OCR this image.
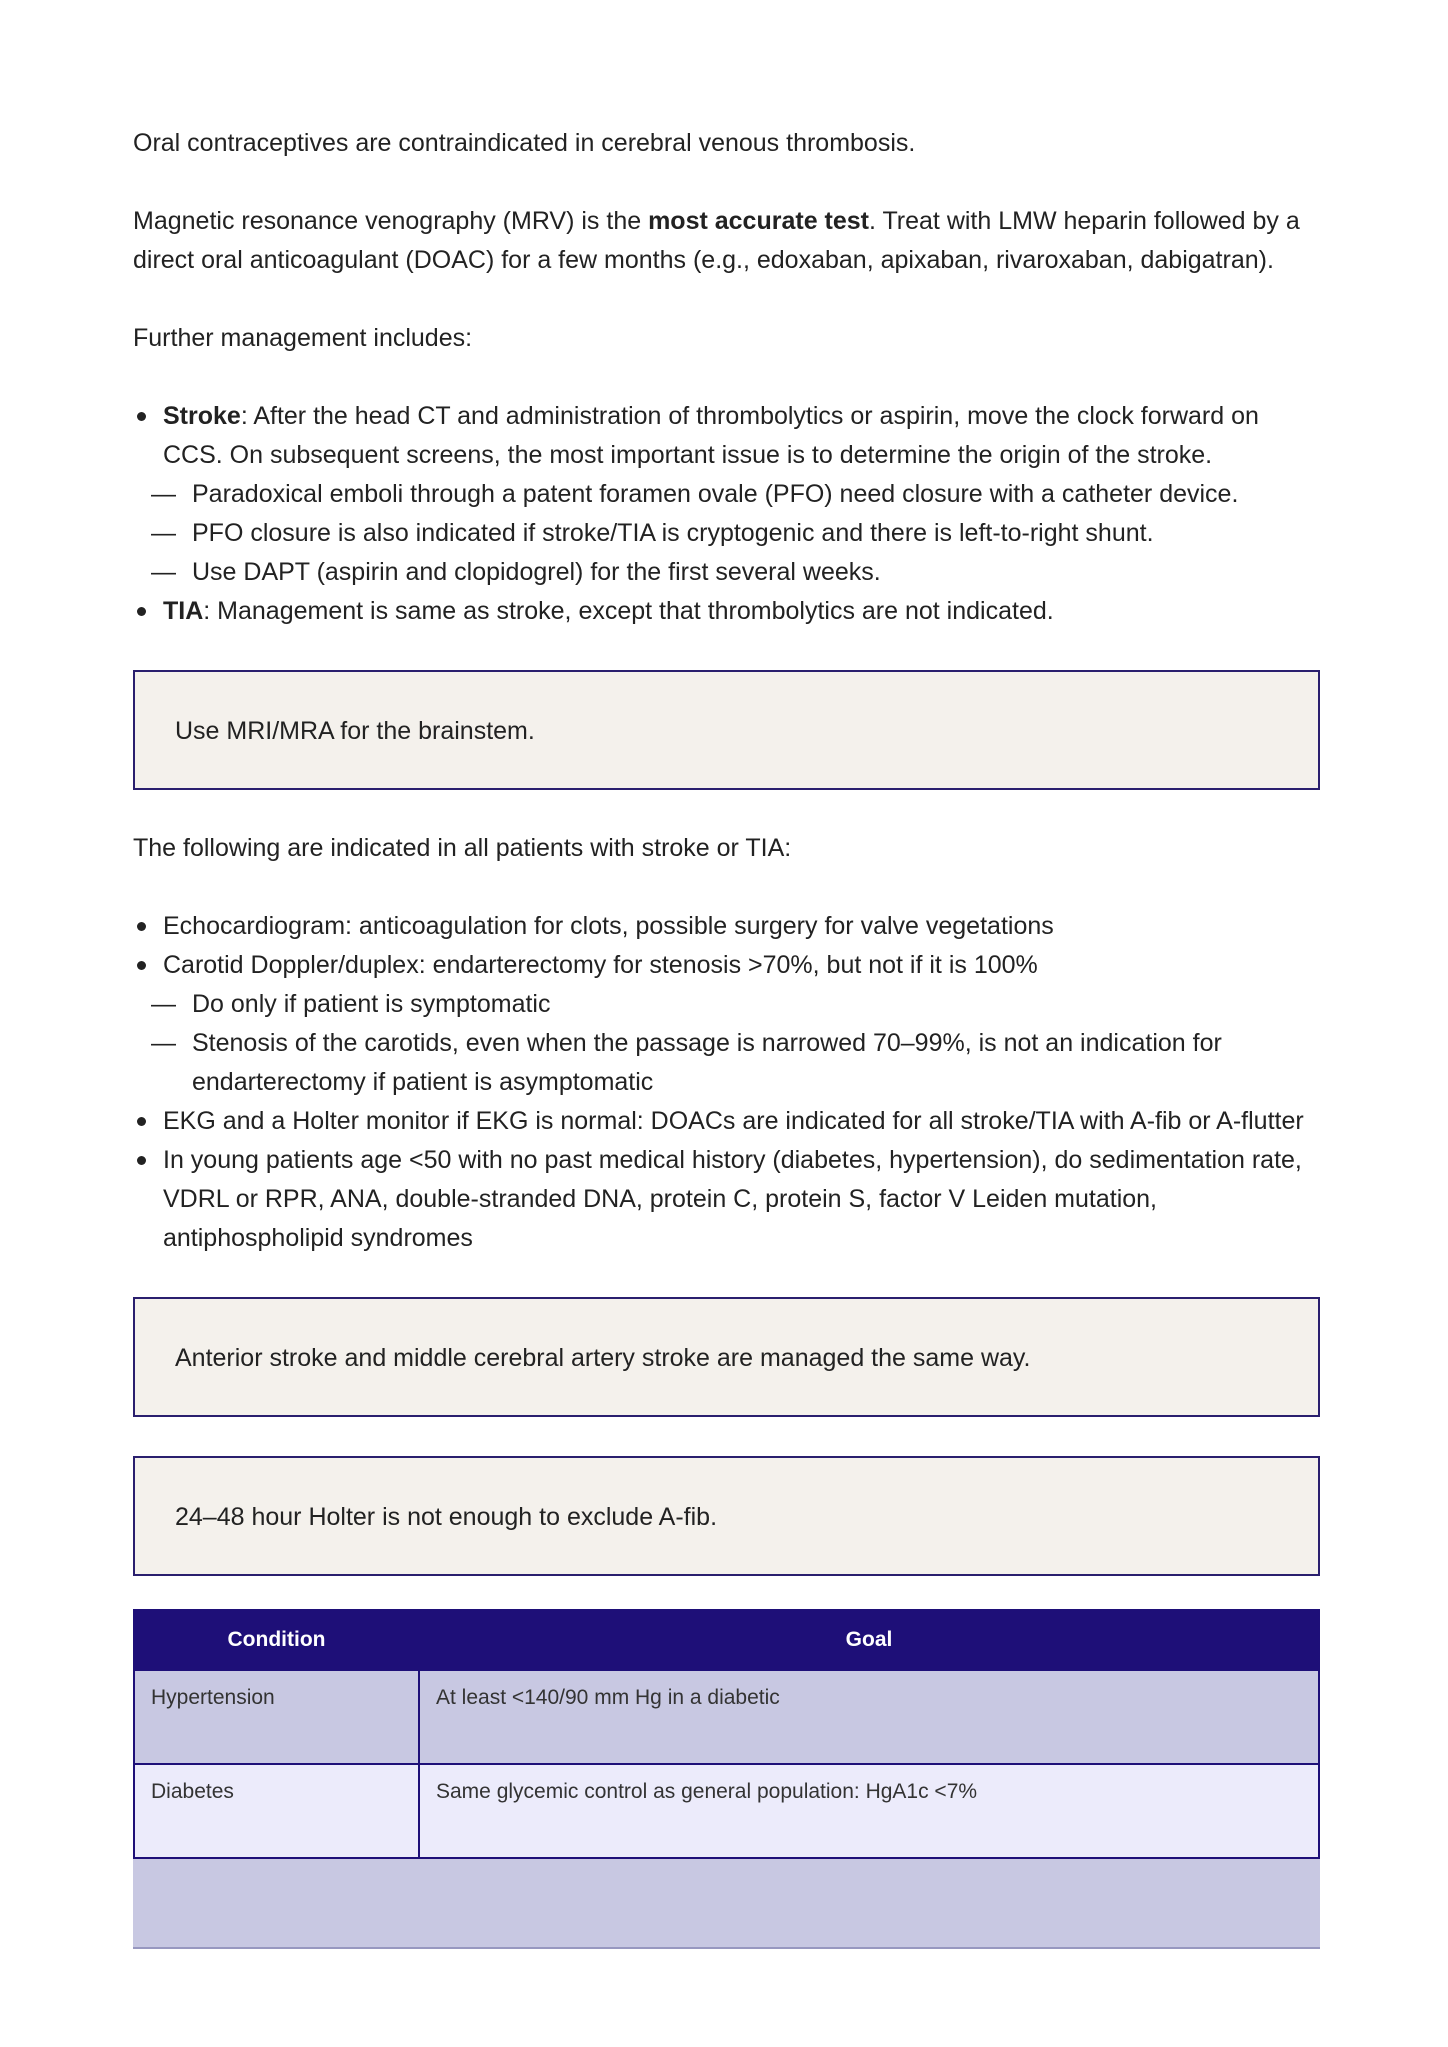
Oral contraceptives are contraindicated in cerebral venous thrombosis.

Magnetic resonance venography (MRV) is the most accurate test. Treat with LMW heparin followed by a direct oral anticoagulant (DOAC) for a few months (e.g., edoxaban, apixaban, rivaroxaban, dabigatran).

Further management includes:

Stroke: After the head CT and administration of thrombolytics or aspirin, move the clock forward on CCS. On subsequent screens, the most important issue is to determine the origin of the stroke.
— Paradoxical emboli through a patent foramen ovale (PFO) need closure with a catheter device.
— PFO closure is also indicated if stroke/TIA is cryptogenic and there is left-to-right shunt.
— Use DAPT (aspirin and clopidogrel) for the first several weeks.
TIA: Management is same as stroke, except that thrombolytics are not indicated.
Use MRI/MRA for the brainstem.

The following are indicated in all patients with stroke or TIA:

Echocardiogram: anticoagulation for clots, possible surgery for valve vegetations
Carotid Doppler/duplex: endarterectomy for stenosis >70%, but not if it is 100%
— Do only if patient is symptomatic
— Stenosis of the carotids, even when the passage is narrowed 70–99%, is not an indication for endarterectomy if patient is asymptomatic
EKG and a Holter monitor if EKG is normal: DOACs are indicated for all stroke/TIA with A-fib or A-flutter
In young patients age <50 with no past medical history (diabetes, hypertension), do sedimentation rate, VDRL or RPR, ANA, double-stranded DNA, protein C, protein S, factor V Leiden mutation, antiphospholipid syndromes
Anterior stroke and middle cerebral artery stroke are managed the same way.
24–48 hour Holter is not enough to exclude A-fib.
Condition	Goal
Hypertension	At least <140/90 mm Hg in a diabetic
Diabetes	Same glycemic control as general population: HgA1c <7%
